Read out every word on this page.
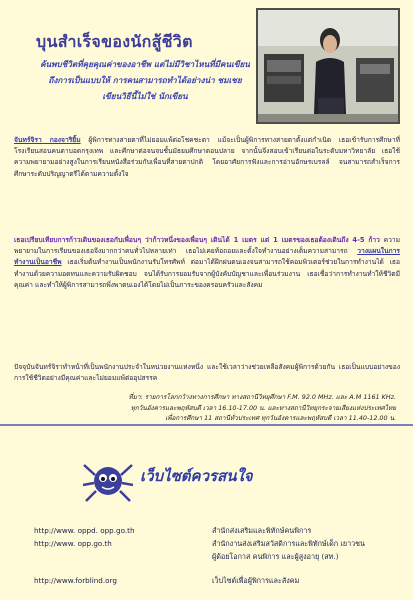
บุนสำเร็จของนักสู้ชีวิต
ค้นพบชีวิตที่คุยคุณค่าของอาชีพ แต่ไม่มีวิชาไหนที่มีคนเขียนถึงการเป็นแบบให้ การคนสามารถทำได้อย่างน่า ชมเชยเขียนวิธีนี้ไม่ใช่ นักเขียน
จันทร์จิรา กองจาริยิ้ม ผู้พิการทางสายตาที่ไม่ยอมแพ้ต่อโชคชะตา แม้จะเป็นผู้พิการทางสายตาตั้งแต่กำเนิด เธอเข้ารับการศึกษาที่โรงเรียนสอนคนตาบอดกรุงเทพ และศึกษาต่อจนจบชั้นมัธยมศึกษาตอนปลาย จากนั้นจึงสอบเข้าเรียนต่อในระดับมหาวิทยาลัย เธอใช้ความพยายามอย่างสูงในการเรียนหนังสือร่วมกับเพื่อนที่สายตาปกติ โดยอาศัยการฟังและการอ่านอักษรเบรลล์ จนสามารถสำเร็จการศึกษาระดับปริญญาตรีได้ตามความตั้งใจ
เธอเปรียบเทียบการก้าวเดินของเธอกับเพื่อนๆ ว่าก้าวหนึ่งของเพื่อนๆ เดินได้ 1 เมตร แต่ 1 เมตรของเธอต้องเดินถึง 4-5 ก้าว ความพยายามในการเรียนของเธอจึงมากกว่าคนทั่วไปหลายเท่า เธอไม่เคยท้อถอยและตั้งใจทำงานอย่างเต็มความสามารถ วางแผนในการทำงานเป็นอาชีพ เธอเริ่มต้นทำงานเป็นพนักงานรับโทรศัพท์ ต่อมาได้ฝึกฝนตนเองจนสามารถใช้คอมพิวเตอร์ช่วยในการทำงานได้ เธอทำงานด้วยความอดทนและความรับผิดชอบ จนได้รับการยอมรับจากผู้บังคับบัญชาและเพื่อนร่วมงาน เธอเชื่อว่าการทำงานทำให้ชีวิตมีคุณค่า และทำให้ผู้พิการสามารถพึ่งพาตนเองได้โดยไม่เป็นภาระของครอบครัวและสังคม
ปัจจุบันจันทร์จิราทำหน้าที่เป็นพนักงานประจำในหน่วยงานแห่งหนึ่ง และใช้เวลาว่างช่วยเหลือสังคมผู้พิการด้วยกัน เธอเป็นแบบอย่างของการใช้ชีวิตอย่างมีคุณค่าและไม่ยอมแพ้ต่ออุปสรรค
ที่มา: รายการโลกกว้างทางการศึกษา ทางสถานีวิทยุศึกษา F.M. 92.0 MHz. และ A.M 1161 KHz.
ทุกวันอังคารและพฤหัสบดี เวลา 16.10-17.00 น. และทางสถานีวิทยุกระจายเสียงแห่งประเทศไทย
เพื่อการศึกษา 11 สถานีทั่วประเทศ ทุกวันอังคารและพฤหัสบดี เวลา 11.40-12.00 น.
เว็บไซต์ควรสนใจ
http://www. oppd. opp.go.th	สำนักส่งเสริมและพิทักษ์คนพิการ
http://www. opp.go.th	สำนักงานส่งเสริมสวัสดิการและพิทักษ์เด็ก เยาวชน
ผู้ด้อยโอกาส คนพิการ และผู้สูงอายุ (สท.)
http://www.forblind.org	เว็บไซต์เพื่อผู้พิการและสังคม
